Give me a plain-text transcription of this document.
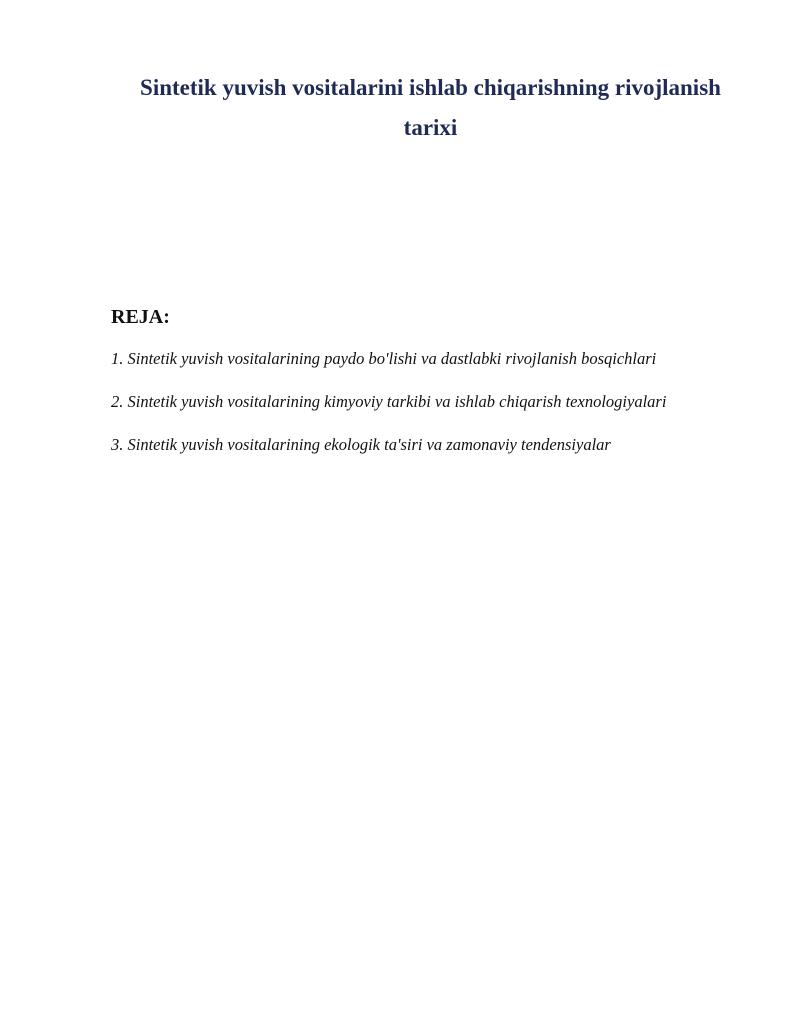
Sintetik yuvish vositalarini ishlab chiqarishning rivojlanish tarixi
REJA:
1. Sintetik yuvish vositalarining paydo bo'lishi va dastlabki rivojlanish bosqichlari
2. Sintetik yuvish vositalarining kimyoviy tarkibi va ishlab chiqarish texnologiyalari
3. Sintetik yuvish vositalarining ekologik ta'siri va zamonaviy tendensiyalar
